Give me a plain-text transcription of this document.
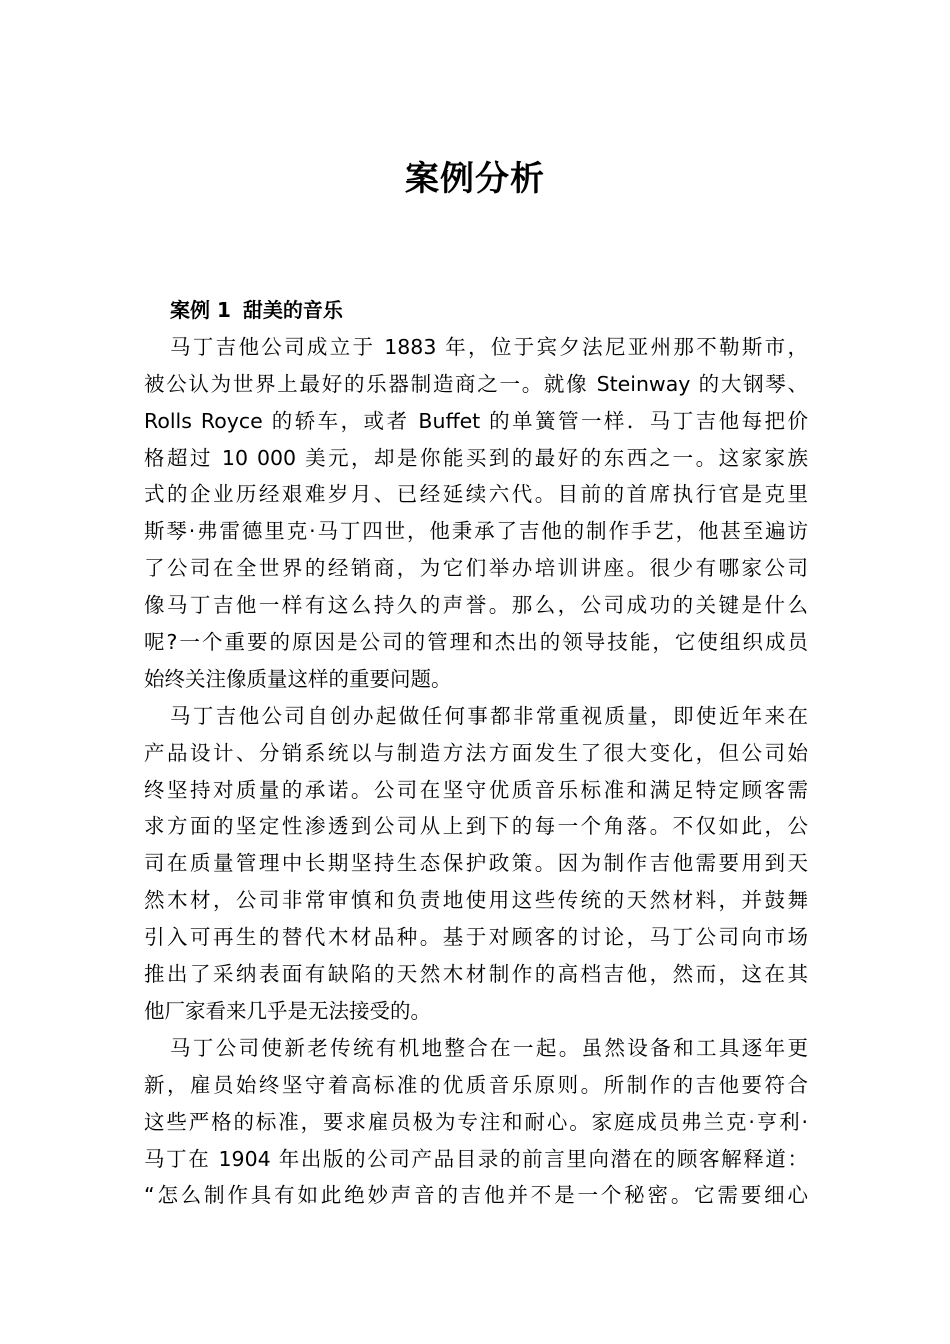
案例分析
案例 1 甜美的音乐
马丁吉他公司成立于 1883 年，位于宾夕法尼亚州那不勒斯市，
被公认为世界上最好的乐器制造商之一。就像 Steinway 的大钢琴、
Rolls Royce 的轿车，或者 Buffet 的单簧管一样．马丁吉他每把价
格超过 10 000 美元，却是你能买到的最好的东西之一。这家家族
式的企业历经艰难岁月、已经延续六代。目前的首席执行官是克里
斯琴·弗雷德里克·马丁四世，他秉承了吉他的制作手艺，他甚至遍访
了公司在全世界的经销商，为它们举办培训讲座。很少有哪家公司
像马丁吉他一样有这么持久的声誉。那么，公司成功的关键是什么
呢?一个重要的原因是公司的管理和杰出的领导技能，它使组织成员
始终关注像质量这样的重要问题。
马丁吉他公司自创办起做任何事都非常重视质量，即使近年来在
产品设计、分销系统以与制造方法方面发生了很大变化，但公司始
终坚持对质量的承诺。公司在坚守优质音乐标准和满足特定顾客需
求方面的坚定性渗透到公司从上到下的每一个角落。不仅如此，公
司在质量管理中长期坚持生态保护政策。因为制作吉他需要用到天
然木材，公司非常审慎和负责地使用这些传统的天然材料，并鼓舞
引入可再生的替代木材品种。基于对顾客的讨论，马丁公司向市场
推出了采纳表面有缺陷的天然木材制作的高档吉他，然而，这在其
他厂家看来几乎是无法接受的。
马丁公司使新老传统有机地整合在一起。虽然设备和工具逐年更
新，雇员始终坚守着高标准的优质音乐原则。所制作的吉他要符合
这些严格的标准，要求雇员极为专注和耐心。家庭成员弗兰克·亨利·
马丁在 1904 年出版的公司产品目录的前言里向潜在的顾客解释道：
“怎么制作具有如此绝妙声音的吉他并不是一个秘密。它需要细心
